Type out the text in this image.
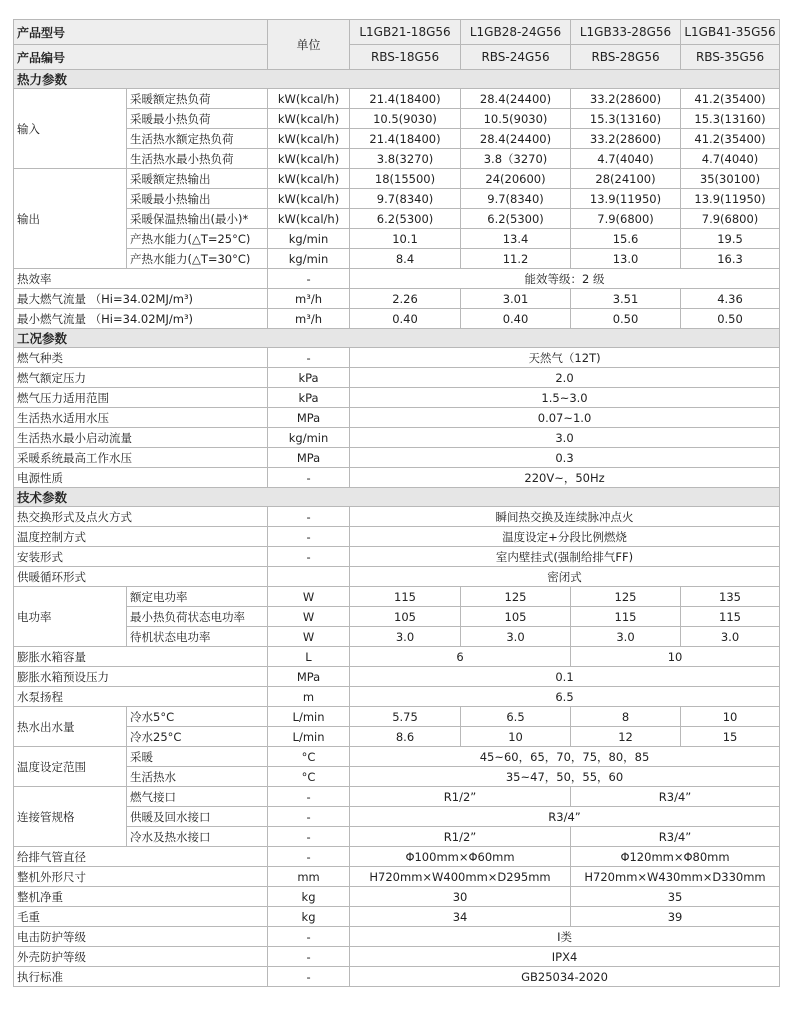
产品型号		单位	L1GB21-18G56	L1GB28-24G56	L1GB33-28G56	L1GB41-35G56
产品编号			RBS-18G56	RBS-24G56	RBS-28G56	RBS-35G56
热力参数						
输入	采暖额定热负荷	kW(kcal/h)	21.4(18400)	28.4(24400)	33.2(28600)	41.2(35400)
	采暖最小热负荷	kW(kcal/h)	10.5(9030)	10.5(9030)	15.3(13160)	15.3(13160)
	生活热水额定热负荷	kW(kcal/h)	21.4(18400)	28.4(24400)	33.2(28600)	41.2(35400)
	生活热水最小热负荷	kW(kcal/h)	3.8(3270)	3.8（3270)	4.7(4040)	4.7(4040)
输出	采暖额定热输出	kW(kcal/h)	18(15500)	24(20600)	28(24100)	35(30100)
	采暖最小热输出	kW(kcal/h)	9.7(8340)	9.7(8340)	13.9(11950)	13.9(11950)
	采暖保温热输出(最小)*	kW(kcal/h)	6.2(5300)	6.2(5300)	7.9(6800)	7.9(6800)
	产热水能力(△T=25°C)	kg/min	10.1	13.4	15.6	19.5
	产热水能力(△T=30°C)	kg/min	8.4	11.2	13.0	16.3
热效率		-	能效等级：2 级			
最大燃气流量 （Hi=34.02MJ/m³)		m³/h	2.26	3.01	3.51	4.36
最小燃气流量 （Hi=34.02MJ/m³)		m³/h	0.40	0.40	0.50	0.50
工况参数						
燃气种类		-	天然气（12T)			
燃气额定压力		kPa	2.0			
燃气压力适用范围		kPa	1.5~3.0			
生活热水适用水压		MPa	0.07~1.0			
生活热水最小启动流量		kg/min	3.0			
采暖系统最高工作水压		MPa	0.3			
电源性质		-	220V~，50Hz			
技术参数						
热交换形式及点火方式		-	瞬间热交换及连续脉冲点火			
温度控制方式		-	温度设定+分段比例燃烧			
安装形式		-	室内壁挂式(强制给排气FF)			
供暖循环形式			密闭式			
电功率	额定电功率	W	115	125	125	135
	最小热负荷状态电功率	W	105	105	115	115
	待机状态电功率	W	3.0	3.0	3.0	3.0
膨胀水箱容量		L	6		10	
膨胀水箱预设压力		MPa	0.1			
水泵扬程		m	6.5			
热水出水量	冷水5°C	L/min	5.75	6.5	8	10
	冷水25°C	L/min	8.6	10	12	15
温度设定范围	采暖	°C	45~60，65，70，75，80，85			
	生活热水	°C	35~47，50，55，60			
连接管规格	燃气接口	-	R1/2”		R3/4”	
	供暖及回水接口	-	R3/4”			
	冷水及热水接口	-	R1/2”		R3/4”	
给排气管直径		-	Φ100mm×Φ60mm		Φ120mm×Φ80mm	
整机外形尺寸		mm	H720mm×W400mm×D295mm		H720mm×W430mm×D330mm	
整机净重		kg	30		35	
毛重		kg	34		39	
电击防护等级		-	I类			
外壳防护等级		-	IPX4			
执行标准		-	GB25034-2020			
